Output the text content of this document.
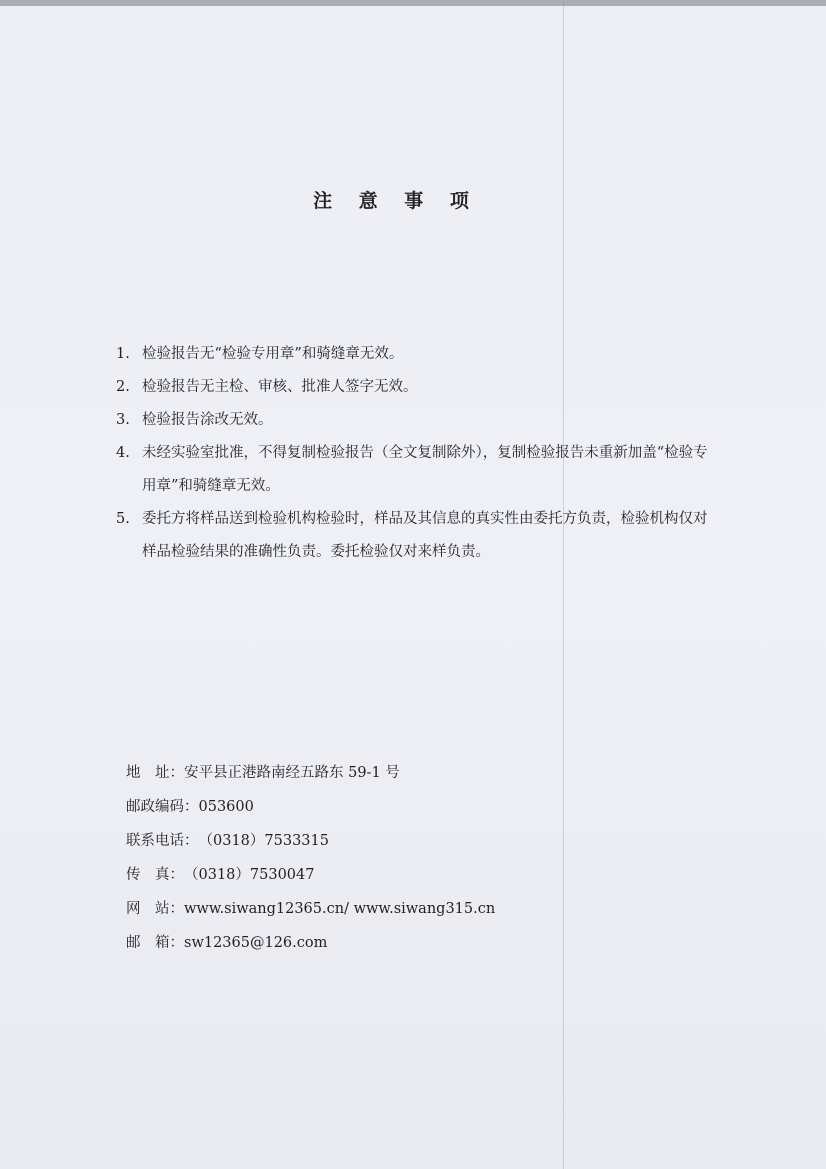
注 意 事 项
1. 检验报告无“检验专用章”和骑缝章无效。
2. 检验报告无主检、审核、批准人签字无效。
3. 检验报告涂改无效。
4. 未经实验室批准，不得复制检验报告（全文复制除外），复制检验报告未重新加盖“检验专用章”和骑缝章无效。
5. 委托方将样品送到检验机构检验时，样品及其信息的真实性由委托方负责，检验机构仅对样品检验结果的准确性负责。委托检验仅对来样负责。
地　址：安平县正港路南经五路东 59-1 号
邮政编码：053600
联系电话：（0318）7533315
传　真：（0318）7530047
网　站：www.siwang12365.cn/ www.siwang315.cn
邮　箱：sw12365@126.com
